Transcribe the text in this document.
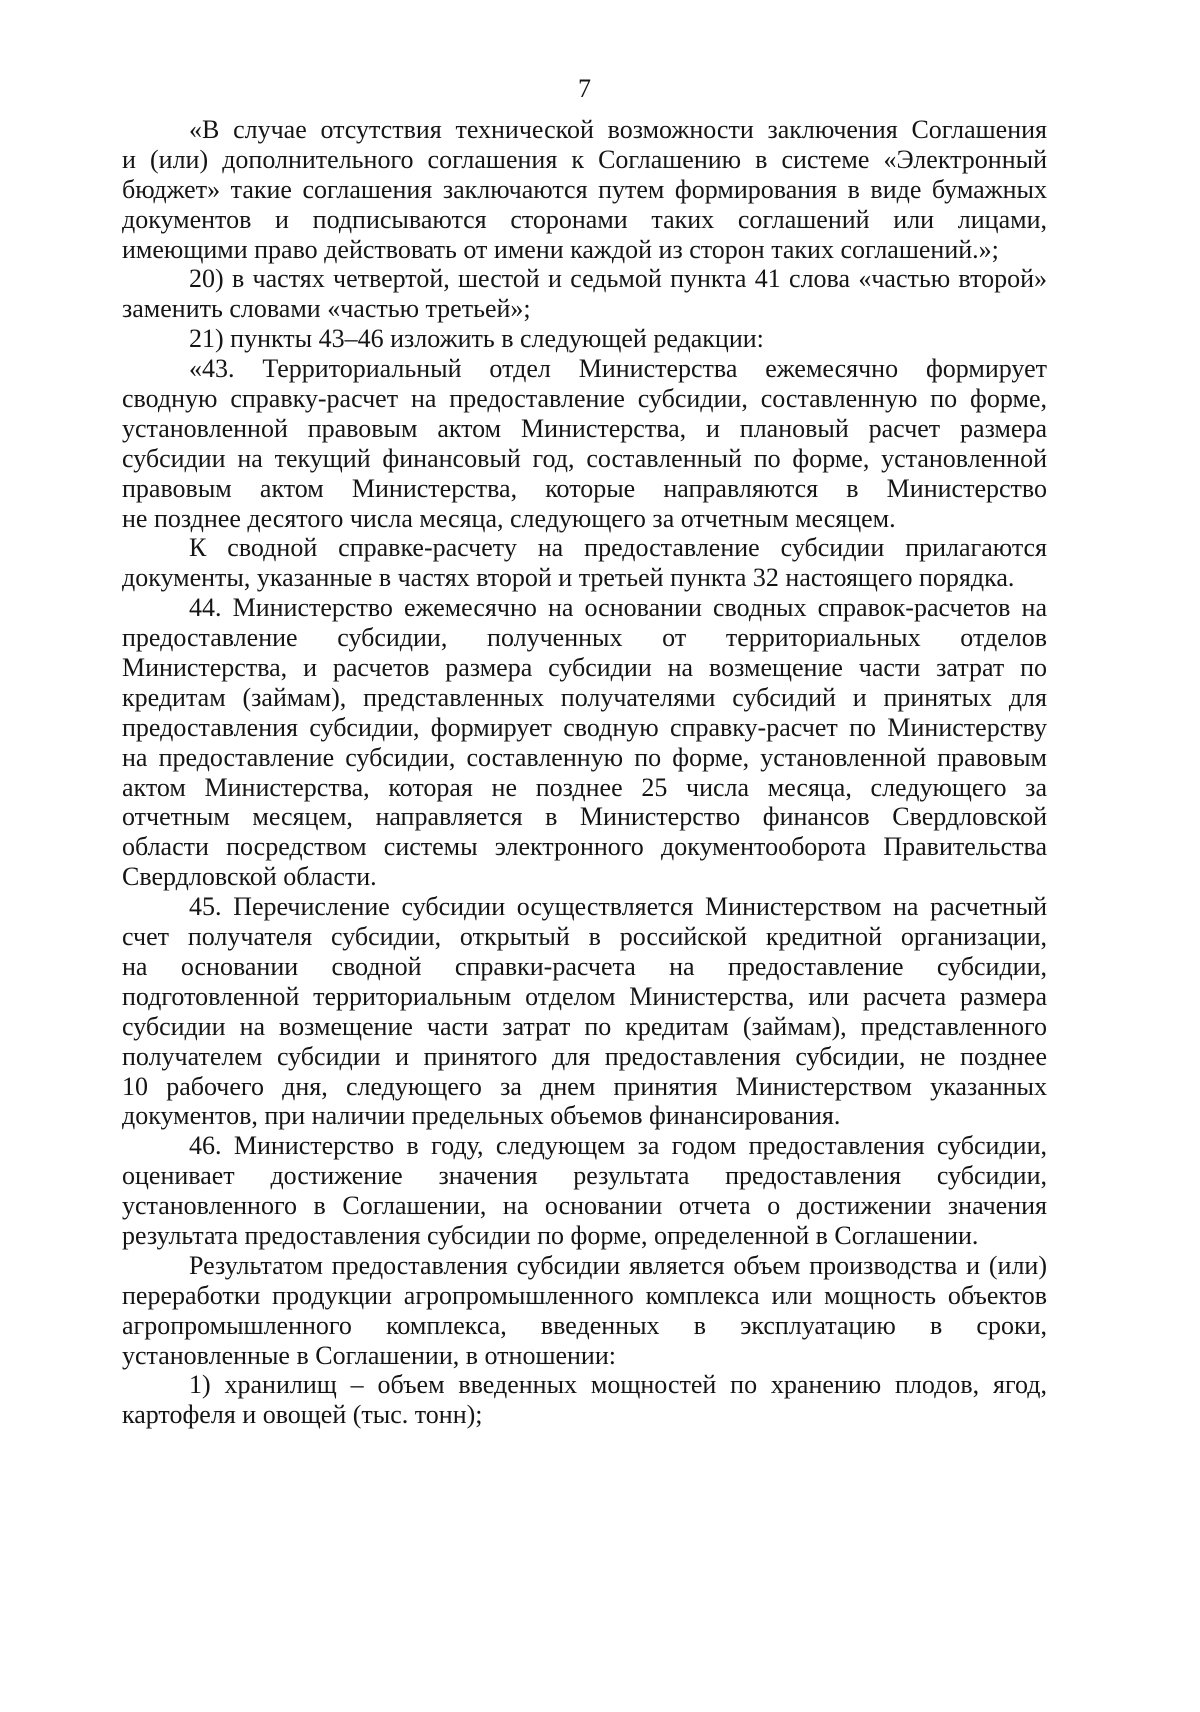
7
«В случае отсутствия технической возможности заключения Соглашения
и (или) дополнительного соглашения к Соглашению в системе «Электронный
бюджет» такие соглашения заключаются путем формирования в виде бумажных
документов и подписываются сторонами таких соглашений или лицами,
имеющими право действовать от имени каждой из сторон таких соглашений.»;
20) в частях четвертой, шестой и седьмой пункта 41 слова «частью второй»
заменить словами «частью третьей»;
21) пункты 43–46 изложить в следующей редакции:
«43. Территориальный отдел Министерства ежемесячно формирует
сводную справку-расчет на предоставление субсидии, составленную по форме,
установленной правовым актом Министерства, и плановый расчет размера
субсидии на текущий финансовый год, составленный по форме, установленной
правовым актом Министерства, которые направляются в Министерство
не позднее десятого числа месяца, следующего за отчетным месяцем.
К сводной справке-расчету на предоставление субсидии прилагаются
документы, указанные в частях второй и третьей пункта 32 настоящего порядка.
44. Министерство ежемесячно на основании сводных справок-расчетов на
предоставление субсидии, полученных от территориальных отделов
Министерства, и расчетов размера субсидии на возмещение части затрат по
кредитам (займам), представленных получателями субсидий и принятых для
предоставления субсидии, формирует сводную справку-расчет по Министерству
на предоставление субсидии, составленную по форме, установленной правовым
актом Министерства, которая не позднее 25 числа месяца, следующего за
отчетным месяцем, направляется в Министерство финансов Свердловской
области посредством системы электронного документооборота Правительства
Свердловской области.
45. Перечисление субсидии осуществляется Министерством на расчетный
счет получателя субсидии, открытый в российской кредитной организации,
на основании сводной справки-расчета на предоставление субсидии,
подготовленной территориальным отделом Министерства, или расчета размера
субсидии на возмещение части затрат по кредитам (займам), представленного
получателем субсидии и принятого для предоставления субсидии, не позднее
10 рабочего дня, следующего за днем принятия Министерством указанных
документов, при наличии предельных объемов финансирования.
46. Министерство в году, следующем за годом предоставления субсидии,
оценивает достижение значения результата предоставления субсидии,
установленного в Соглашении, на основании отчета о достижении значения
результата предоставления субсидии по форме, определенной в Соглашении.
Результатом предоставления субсидии является объем производства и (или)
переработки продукции агропромышленного комплекса или мощность объектов
агропромышленного комплекса, введенных в эксплуатацию в сроки,
установленные в Соглашении, в отношении:
1) хранилищ – объем введенных мощностей по хранению плодов, ягод,
картофеля и овощей (тыс. тонн);
